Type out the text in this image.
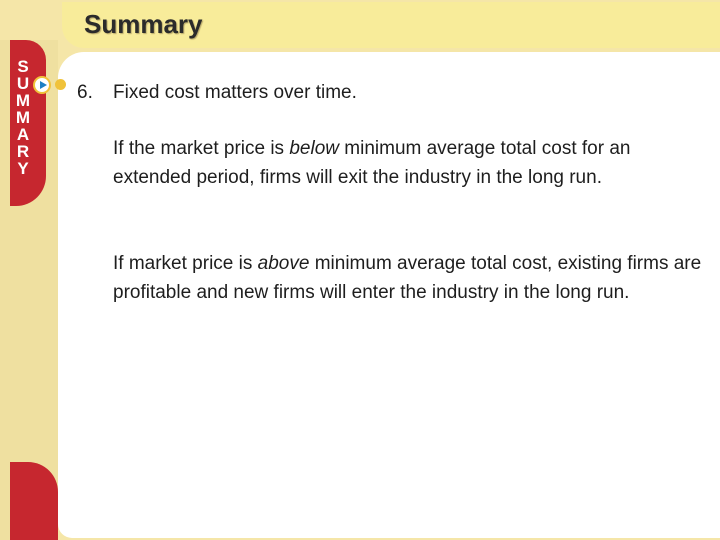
Summary
S
U
M
M
A
R
Y
6. Fixed cost matters over time.
If the market price is below minimum average total cost for an extended period, firms will exit the industry in the long run.
If market price is above minimum average total cost, existing firms are profitable and new firms will enter the industry in the long run.
